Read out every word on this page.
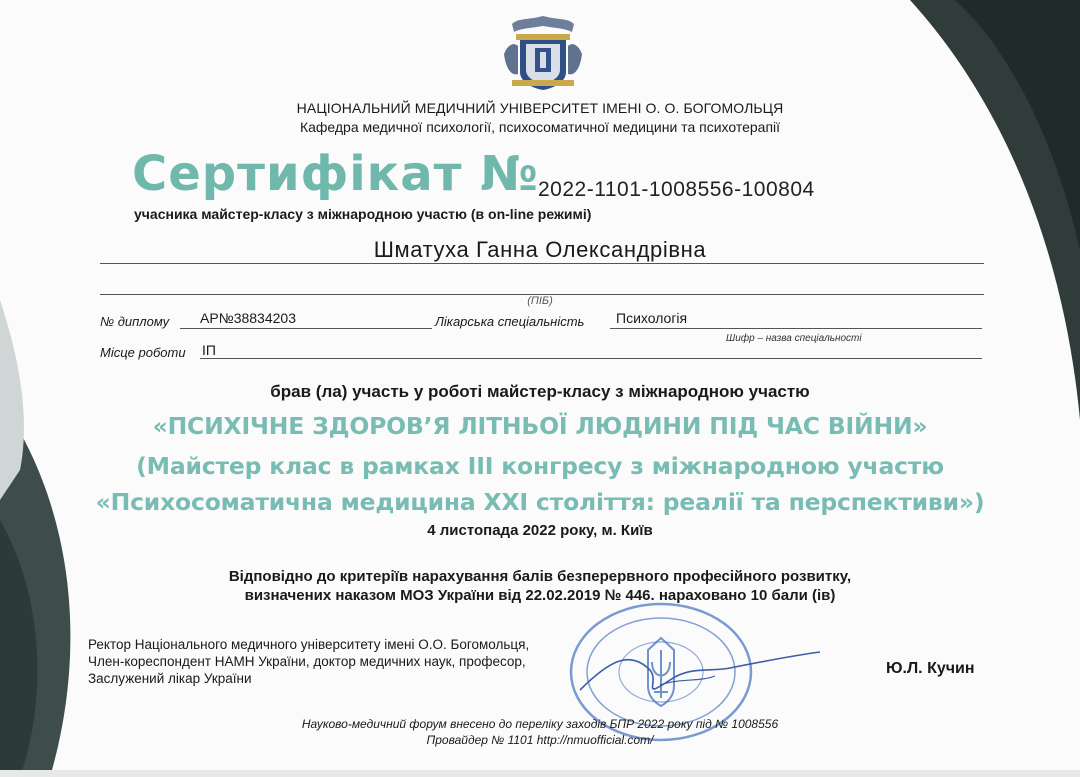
НАЦІОНАЛЬНИЙ МЕДИЧНИЙ УНІВЕРСИТЕТ ІМЕНІ О. О. БОГОМОЛЬЦЯ
Кафедра медичної психології, психосоматичної медицини та психотерапії
Сертифікат № 2022-1101-1008556-100804
учасника майстер-класу з міжнародною участю (в on-line режимі)
Шматуха Ганна Олександрівна
(ПІБ)
№ диплому АР№38834203	Лікарська спеціальність Психологія
Шифр – назва спеціальності
Місце роботи ІП
брав (ла) участь у роботі майстер-класу з міжнародною участю
«ПСИХІЧНЕ ЗДОРОВ’Я ЛІТНЬОЇ ЛЮДИНИ ПІД ЧАС ВІЙНИ»
(Майстер клас в рамках ІІІ конгресу з міжнародною участю
«Психосоматична медицина ХХІ століття: реалії та перспективи»)
4 листопада 2022 року, м. Київ
Відповідно до критеріїв нарахування балів безперервного професійного розвитку,
визначених наказом МОЗ України від 22.02.2019 № 446. нараховано 10 бали (ів)
Ректор Національного медичного університету імені О.О. Богомольця,
Член-кореспондент НАМН України, доктор медичних наук, професор,
Заслужений лікар України
Ю.Л. Кучин
Науково-медичний форум внесено до переліку заходів БПР 2022 року під № 1008556
Провайдер № 1101 http://nmuofficial.com/
